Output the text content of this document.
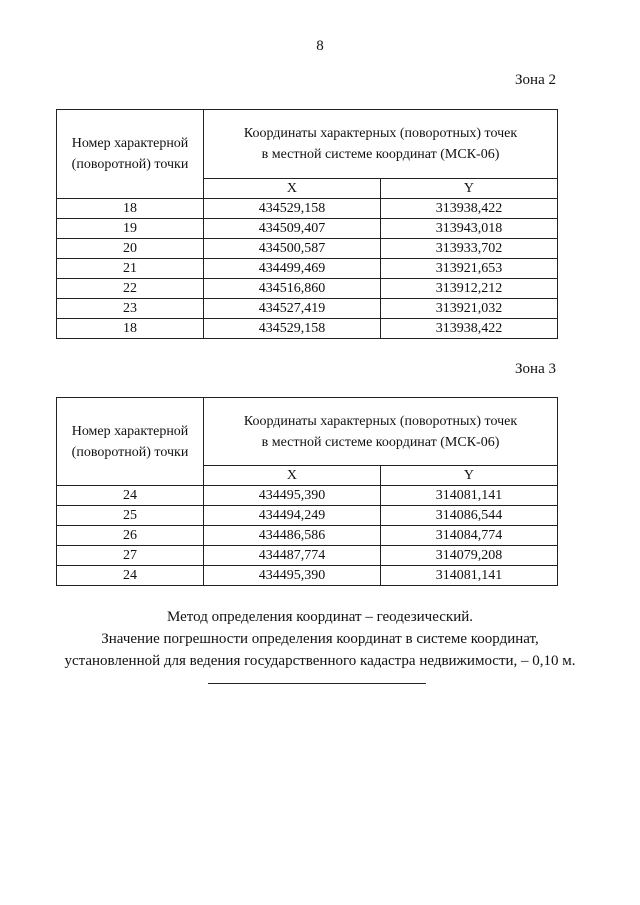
8
Зона 2
Номер характерной
(поворотной) точки	Координаты характерных (поворотных) точек
в местной системе координат (МСК-06)	
	X	Y
18	434529,158	313938,422
19	434509,407	313943,018
20	434500,587	313933,702
21	434499,469	313921,653
22	434516,860	313912,212
23	434527,419	313921,032
18	434529,158	313938,422
Зона 3
Номер характерной
(поворотной) точки	Координаты характерных (поворотных) точек
в местной системе координат (МСК-06)	
	X	Y
24	434495,390	314081,141
25	434494,249	314086,544
26	434486,586	314084,774
27	434487,774	314079,208
24	434495,390	314081,141
Метод определения координат – геодезический.
Значение погрешности определения координат в системе координат,
установленной для ведения государственного кадастра недвижимости, – 0,10 м.
